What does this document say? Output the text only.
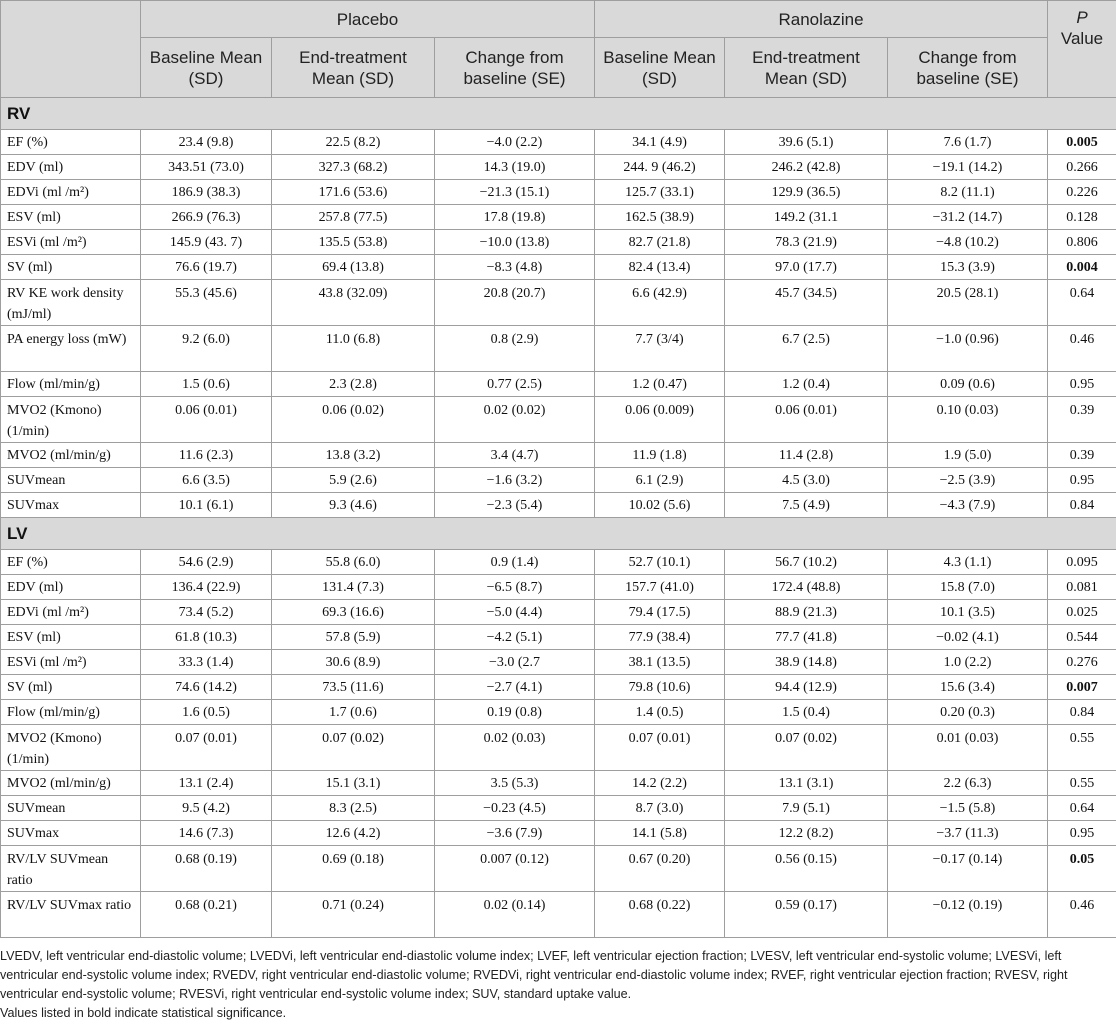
	Placebo			Ranolazine			P
Value
	Baseline Mean (SD)	End-treatment Mean (SD)	Change from baseline (SE)	Baseline Mean (SD)	End-treatment Mean (SD)	Change from baseline (SE)	
RV							
EF (%)	23.4 (9.8)	22.5 (8.2)	−4.0 (2.2)	34.1 (4.9)	39.6 (5.1)	7.6 (1.7)	0.005
EDV (ml)	343.51 (73.0)	327.3 (68.2)	14.3 (19.0)	244. 9 (46.2)	246.2 (42.8)	−19.1 (14.2)	0.266
EDVi (ml /m²)	186.9 (38.3)	171.6 (53.6)	−21.3 (15.1)	125.7 (33.1)	129.9 (36.5)	8.2 (11.1)	0.226
ESV (ml)	266.9 (76.3)	257.8 (77.5)	17.8 (19.8)	162.5 (38.9)	149.2 (31.1	−31.2 (14.7)	0.128
ESVi (ml /m²)	145.9 (43. 7)	135.5 (53.8)	−10.0 (13.8)	82.7 (21.8)	78.3 (21.9)	−4.8 (10.2)	0.806
SV (ml)	76.6 (19.7)	69.4 (13.8)	−8.3 (4.8)	82.4 (13.4)	97.0 (17.7)	15.3 (3.9)	0.004
RV KE work density (mJ/ml)	55.3 (45.6)	43.8 (32.09)	20.8 (20.7)	6.6 (42.9)	45.7 (34.5)	20.5 (28.1)	0.64
PA energy loss (mW)	9.2 (6.0)	11.0 (6.8)	0.8 (2.9)	7.7 (3/4)	6.7 (2.5)	−1.0 (0.96)	0.46
Flow (ml/min/g)	1.5 (0.6)	2.3 (2.8)	0.77 (2.5)	1.2 (0.47)	1.2 (0.4)	0.09 (0.6)	0.95
MVO2 (Kmono) (1/min)	0.06 (0.01)	0.06 (0.02)	0.02 (0.02)	0.06 (0.009)	0.06 (0.01)	0.10 (0.03)	0.39
MVO2 (ml/min/g)	11.6 (2.3)	13.8 (3.2)	3.4 (4.7)	11.9 (1.8)	11.4 (2.8)	1.9 (5.0)	0.39
SUVmean	6.6 (3.5)	5.9 (2.6)	−1.6 (3.2)	6.1 (2.9)	4.5 (3.0)	−2.5 (3.9)	0.95
SUVmax	10.1 (6.1)	9.3 (4.6)	−2.3 (5.4)	10.02 (5.6)	7.5 (4.9)	−4.3 (7.9)	0.84
LV							
EF (%)	54.6 (2.9)	55.8 (6.0)	0.9 (1.4)	52.7 (10.1)	56.7 (10.2)	4.3 (1.1)	0.095
EDV (ml)	136.4 (22.9)	131.4 (7.3)	−6.5 (8.7)	157.7 (41.0)	172.4 (48.8)	15.8 (7.0)	0.081
EDVi (ml /m²)	73.4 (5.2)	69.3 (16.6)	−5.0 (4.4)	79.4 (17.5)	88.9 (21.3)	10.1 (3.5)	0.025
ESV (ml)	61.8 (10.3)	57.8 (5.9)	−4.2 (5.1)	77.9 (38.4)	77.7 (41.8)	−0.02 (4.1)	0.544
ESVi (ml /m²)	33.3 (1.4)	30.6 (8.9)	−3.0 (2.7	38.1 (13.5)	38.9 (14.8)	1.0 (2.2)	0.276
SV (ml)	74.6 (14.2)	73.5 (11.6)	−2.7 (4.1)	79.8 (10.6)	94.4 (12.9)	15.6 (3.4)	0.007
Flow (ml/min/g)	1.6 (0.5)	1.7 (0.6)	0.19 (0.8)	1.4 (0.5)	1.5 (0.4)	0.20 (0.3)	0.84
MVO2 (Kmono) (1/min)	0.07 (0.01)	0.07 (0.02)	0.02 (0.03)	0.07 (0.01)	0.07 (0.02)	0.01 (0.03)	0.55
MVO2 (ml/min/g)	13.1 (2.4)	15.1 (3.1)	3.5 (5.3)	14.2 (2.2)	13.1 (3.1)	2.2 (6.3)	0.55
SUVmean	9.5 (4.2)	8.3 (2.5)	−0.23 (4.5)	8.7 (3.0)	7.9 (5.1)	−1.5 (5.8)	0.64
SUVmax	14.6 (7.3)	12.6 (4.2)	−3.6 (7.9)	14.1 (5.8)	12.2 (8.2)	−3.7 (11.3)	0.95
RV/LV SUVmean ratio	0.68 (0.19)	0.69 (0.18)	0.007 (0.12)	0.67 (0.20)	0.56 (0.15)	−0.17 (0.14)	0.05
RV/LV SUVmax ratio	0.68 (0.21)	0.71 (0.24)	0.02 (0.14)	0.68 (0.22)	0.59 (0.17)	−0.12 (0.19)	0.46
LVEDV, left ventricular end-diastolic volume; LVEDVi, left ventricular end-diastolic volume index; LVEF, left ventricular ejection fraction; LVESV, left ventricular end-systolic volume; LVESVi, left ventricular end-systolic volume index; RVEDV, right ventricular end-diastolic volume; RVEDVi, right ventricular end-diastolic volume index; RVEF, right ventricular ejection fraction; RVESV, right ventricular end-systolic volume; RVESVi, right ventricular end-systolic volume index; SUV, standard uptake value.
Values listed in bold indicate statistical significance.
